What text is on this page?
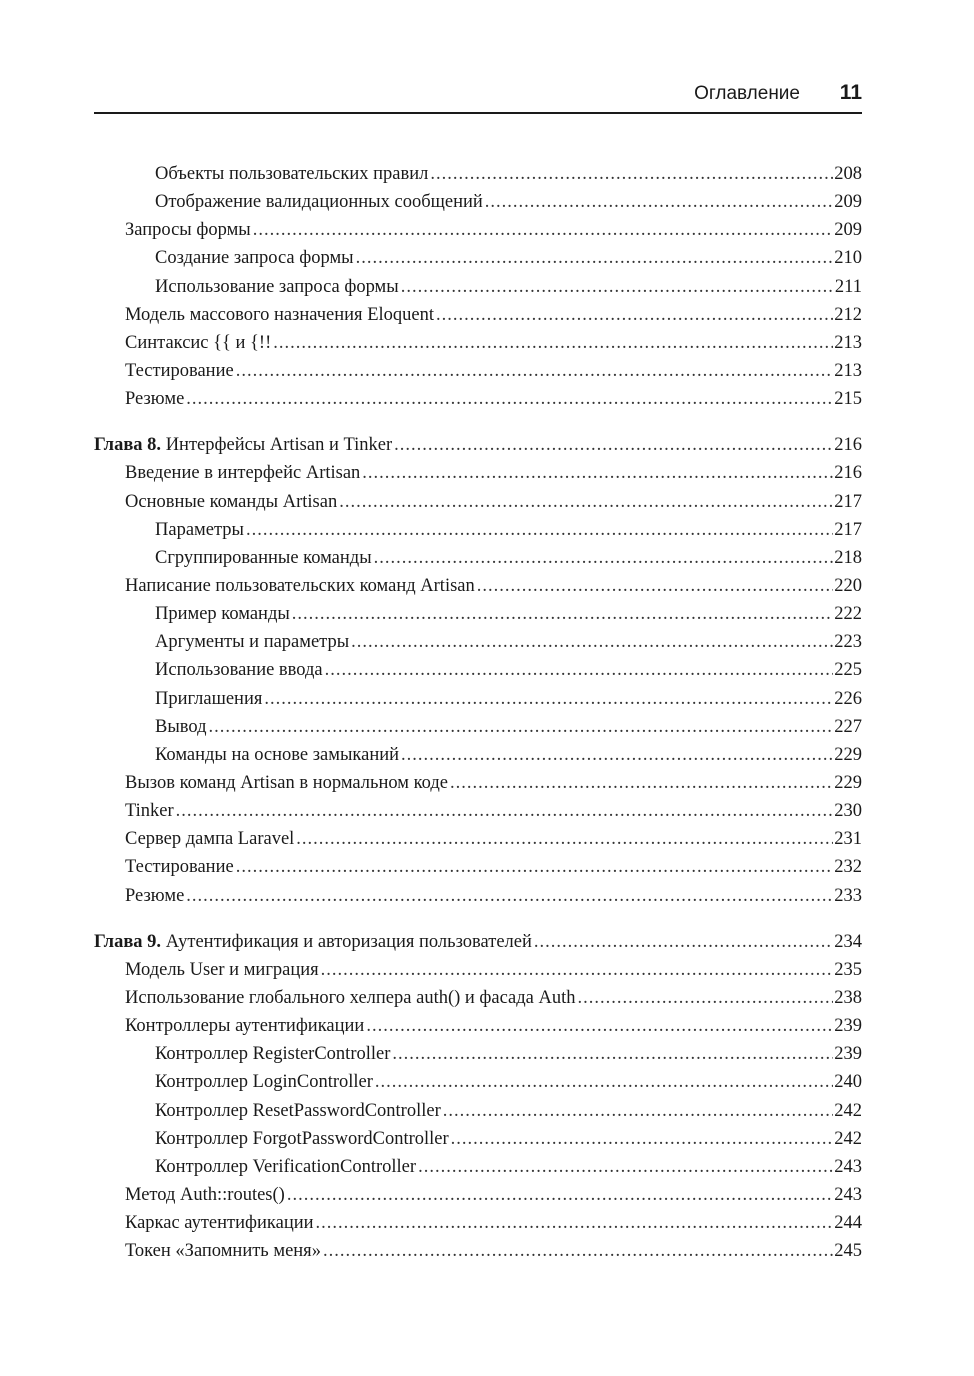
Оглавление 11
Объекты пользовательских правил .....	208
Отображение валидационных сообщений .....	209
Запросы формы .....	209
Создание запроса формы .....	210
Использование запроса формы .....	211
Модель массового назначения Eloquent .....	212
Синтаксис {{ и {!! .....	213
Тестирование .....	213
Резюме .....	215
Глава 8. Интерфейсы Artisan и Tinker .....	216
Введение в интерфейс Artisan .....	216
Основные команды Artisan .....	217
Параметры .....	217
Сгруппированные команды .....	218
Написание пользовательских команд Artisan .....	220
Пример команды .....	222
Аргументы и параметры .....	223
Использование ввода .....	225
Приглашения .....	226
Вывод .....	227
Команды на основе замыканий .....	229
Вызов команд Artisan в нормальном коде .....	229
Tinker .....	230
Сервер дампа Laravel .....	231
Тестирование .....	232
Резюме .....	233
Глава 9. Аутентификация и авторизация пользователей .....	234
Модель User и миграция .....	235
Использование глобального хелпера auth() и фасада Auth .....	238
Контроллеры аутентификации .....	239
Контроллер RegisterController .....	239
Контроллер LoginController .....	240
Контроллер ResetPasswordController .....	242
Контроллер ForgotPasswordController .....	242
Контроллер VerificationController .....	243
Метод Auth::routes() .....	243
Каркас аутентификации .....	244
Токен «Запомнить меня» .....	245
